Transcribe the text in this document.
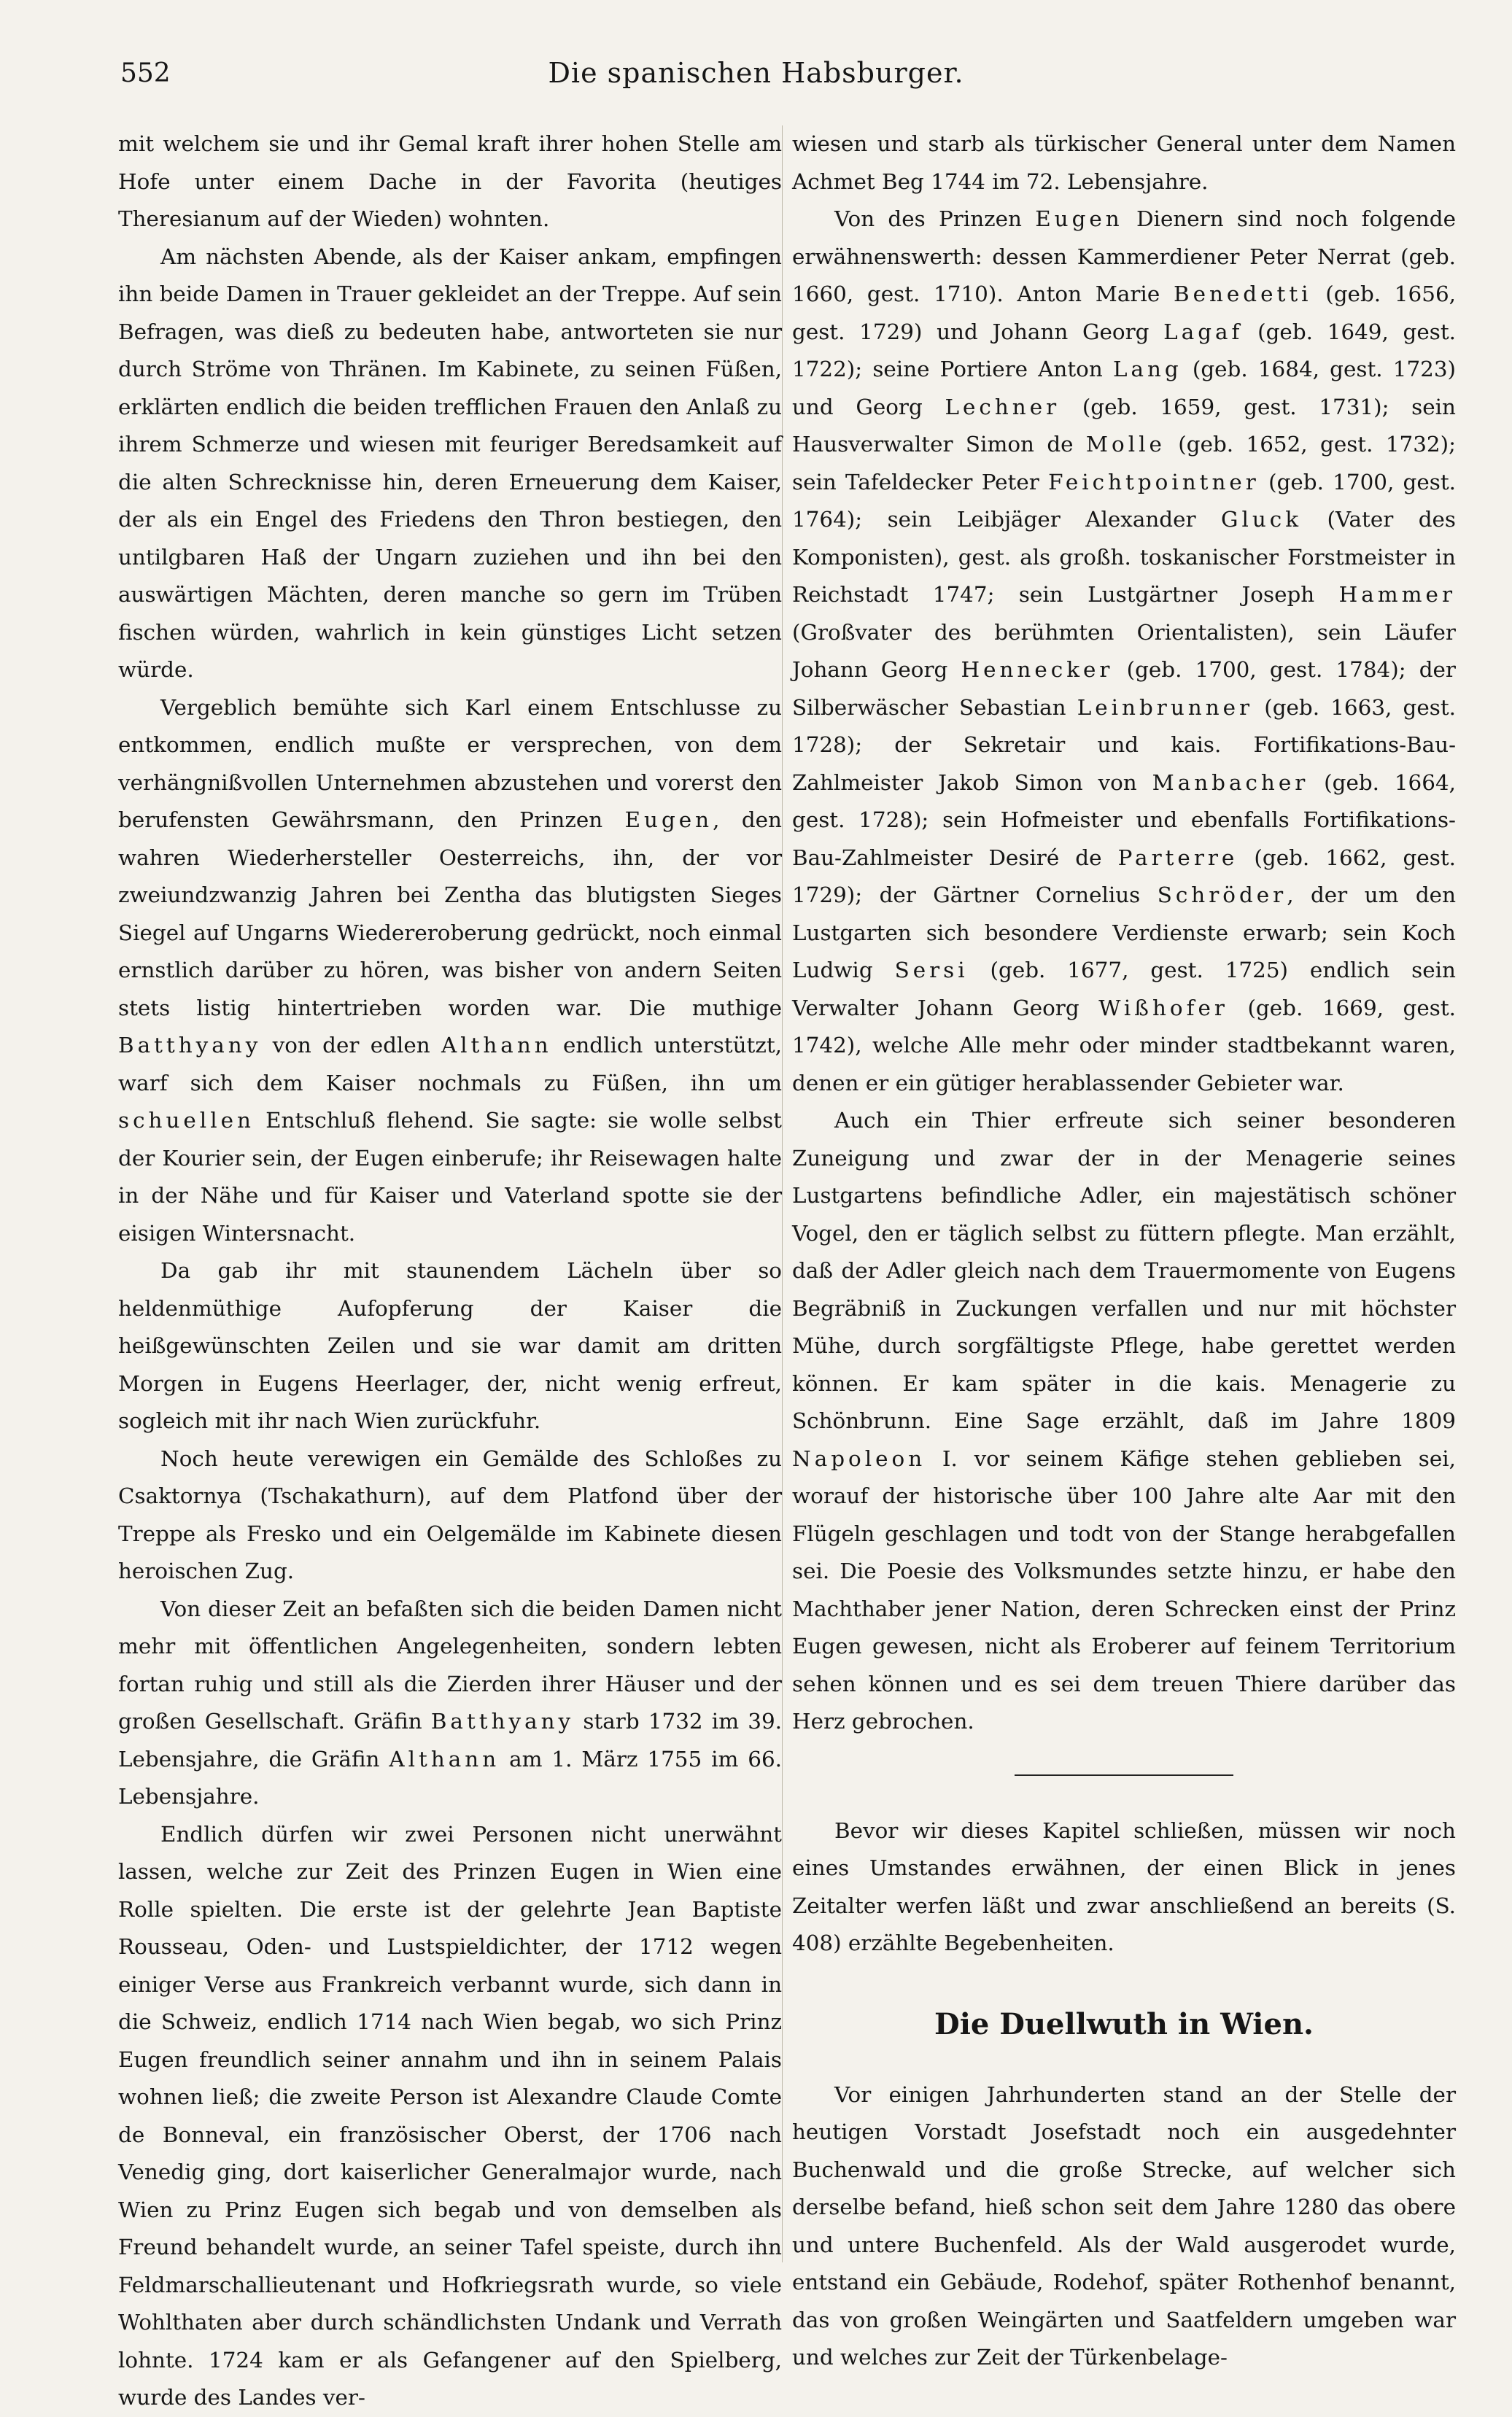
552	Die spanischen Habsburger.

mit welchem sie und ihr Gemal kraft ihrer hohen Stelle am Hofe unter einem Dache in der Favorita (heutiges Theresianum auf der Wieden) wohnten.

Am nächsten Abende, als der Kaiser ankam, empfingen ihn beide Damen in Trauer gekleidet an der Treppe. Auf sein Befragen, was dieß zu bedeuten habe, antworteten sie nur durch Ströme von Thränen. Im Kabinete, zu seinen Füßen, erklärten endlich die beiden trefflichen Frauen den Anlaß zu ihrem Schmerze und wiesen mit feuriger Beredsamkeit auf die alten Schrecknisse hin, deren Erneuerung dem Kaiser, der als ein Engel des Friedens den Thron bestiegen, den untilgbaren Haß der Ungarn zuziehen und ihn bei den auswärtigen Mächten, deren manche so gern im Trüben fischen würden, wahrlich in kein günstiges Licht setzen würde.

Vergeblich bemühte sich Karl einem Entschlusse zu entkommen, endlich mußte er versprechen, von dem verhängnißvollen Unternehmen abzustehen und vorerst den berufensten Gewährsmann, den Prinzen Eugen, den wahren Wiederhersteller Oesterreichs, ihn, der vor zweiundzwanzig Jahren bei Zentha das blutigsten Sieges Siegel auf Ungarns Wiedereroberung gedrückt, noch einmal ernstlich darüber zu hören, was bisher von andern Seiten stets listig hintertrieben worden war. Die muthige Batthyany von der edlen Althann endlich unterstützt, warf sich dem Kaiser nochmals zu Füßen, ihn um schuellen Entschluß flehend. Sie sagte: sie wolle selbst der Kourier sein, der Eugen einberufe; ihr Reisewagen halte in der Nähe und für Kaiser und Vaterland spotte sie der eisigen Wintersnacht.

Da gab ihr mit staunendem Lächeln über so heldenmüthige Aufopferung der Kaiser die heißgewünschten Zeilen und sie war damit am dritten Morgen in Eugens Heerlager, der, nicht wenig erfreut, sogleich mit ihr nach Wien zurückfuhr.

Noch heute verewigen ein Gemälde des Schloßes zu Csaktornya (Tschakathurn), auf dem Platfond über der Treppe als Fresko und ein Oelgemälde im Kabinete diesen heroischen Zug.

Von dieser Zeit an befaßten sich die beiden Damen nicht mehr mit öffentlichen Angelegenheiten, sondern lebten fortan ruhig und still als die Zierden ihrer Häuser und der großen Gesellschaft. Gräfin Batthyany starb 1732 im 39. Lebensjahre, die Gräfin Althann am 1. März 1755 im 66. Lebensjahre.

Endlich dürfen wir zwei Personen nicht unerwähnt lassen, welche zur Zeit des Prinzen Eugen in Wien eine Rolle spielten. Die erste ist der gelehrte Jean Baptiste Rousseau, Oden- und Lustspieldichter, der 1712 wegen einiger Verse aus Frankreich verbannt wurde, sich dann in die Schweiz, endlich 1714 nach Wien begab, wo sich Prinz Eugen freundlich seiner annahm und ihn in seinem Palais wohnen ließ; die zweite Person ist Alexandre Claude Comte de Bonneval, ein französischer Oberst, der 1706 nach Venedig ging, dort kaiserlicher Generalmajor wurde, nach Wien zu Prinz Eugen sich begab und von demselben als Freund behandelt wurde, an seiner Tafel speiste, durch ihn Feldmarschallieutenant und Hofkriegsrath wurde, so viele Wohlthaten aber durch schändlichsten Undank und Verrath lohnte. 1724 kam er als Gefangener auf den Spielberg, wurde des Landes ver-

wiesen und starb als türkischer General unter dem Namen Achmet Beg 1744 im 72. Lebensjahre.

Von des Prinzen Eugen Dienern sind noch folgende erwähnenswerth: dessen Kammerdiener Peter Nerrat (geb. 1660, gest. 1710). Anton Marie Benedetti (geb. 1656, gest. 1729) und Johann Georg Lagaf (geb. 1649, gest. 1722); seine Portiere Anton Lang (geb. 1684, gest. 1723) und Georg Lechner (geb. 1659, gest. 1731); sein Hausverwalter Simon de Molle (geb. 1652, gest. 1732); sein Tafeldecker Peter Feichtpointner (geb. 1700, gest. 1764); sein Leibjäger Alexander Gluck (Vater des Komponisten), gest. als großh. toskanischer Forstmeister in Reichstadt 1747; sein Lustgärtner Joseph Hammer (Großvater des berühmten Orientalisten), sein Läufer Johann Georg Hennecker (geb. 1700, gest. 1784); der Silberwäscher Sebastian Leinbrunner (geb. 1663, gest. 1728); der Sekretair und kais. Fortifikations-Bau-Zahlmeister Jakob Simon von Manbacher (geb. 1664, gest. 1728); sein Hofmeister und ebenfalls Fortifikations-Bau-Zahlmeister Desiré de Parterre (geb. 1662, gest. 1729); der Gärtner Cornelius Schröder, der um den Lustgarten sich besondere Verdienste erwarb; sein Koch Ludwig Sersi (geb. 1677, gest. 1725) endlich sein Verwalter Johann Georg Wißhofer (geb. 1669, gest. 1742), welche Alle mehr oder minder stadtbekannt waren, denen er ein gütiger herablassender Gebieter war.

Auch ein Thier erfreute sich seiner besonderen Zuneigung und zwar der in der Menagerie seines Lustgartens befindliche Adler, ein majestätisch schöner Vogel, den er täglich selbst zu füttern pflegte. Man erzählt, daß der Adler gleich nach dem Trauermomente von Eugens Begräbniß in Zuckungen verfallen und nur mit höchster Mühe, durch sorgfältigste Pflege, habe gerettet werden können. Er kam später in die kais. Menagerie zu Schönbrunn. Eine Sage erzählt, daß im Jahre 1809 Napoleon I. vor seinem Käfige stehen geblieben sei, worauf der historische über 100 Jahre alte Aar mit den Flügeln geschlagen und todt von der Stange herabgefallen sei. Die Poesie des Volksmundes setzte hinzu, er habe den Machthaber jener Nation, deren Schrecken einst der Prinz Eugen gewesen, nicht als Eroberer auf feinem Territorium sehen können und es sei dem treuen Thiere darüber das Herz gebrochen.

Bevor wir dieses Kapitel schließen, müssen wir noch eines Umstandes erwähnen, der einen Blick in jenes Zeitalter werfen läßt und zwar anschließend an bereits (S. 408) erzählte Begebenheiten.

Die Duellwuth in Wien.

Vor einigen Jahrhunderten stand an der Stelle der heutigen Vorstadt Josefstadt noch ein ausgedehnter Buchenwald und die große Strecke, auf welcher sich derselbe befand, hieß schon seit dem Jahre 1280 das obere und untere Buchenfeld. Als der Wald ausgerodet wurde, entstand ein Gebäude, Rodehof, später Rothenhof benannt, das von großen Weingärten und Saatfeldern umgeben war und welches zur Zeit der Türkenbelage-
